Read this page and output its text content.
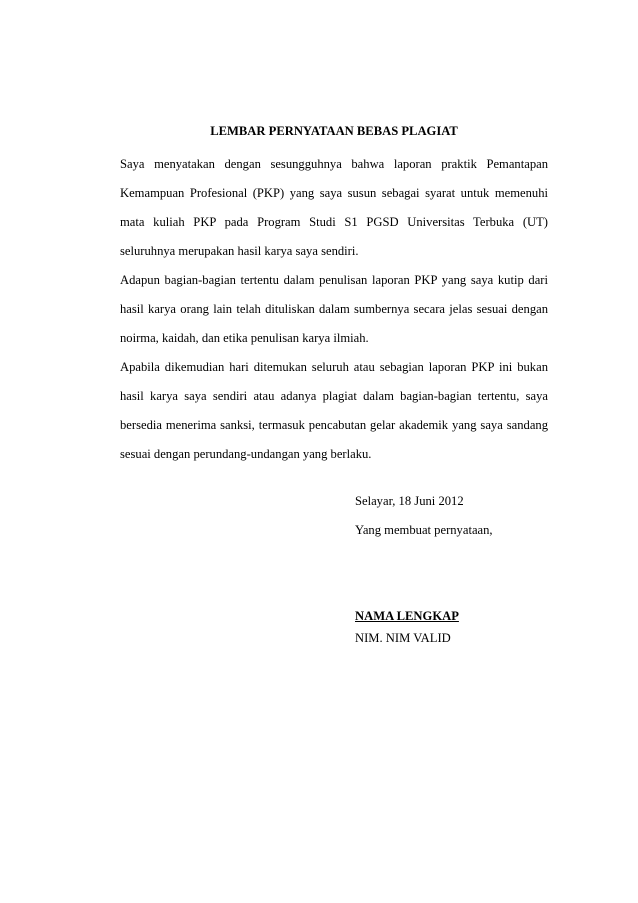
LEMBAR PERNYATAAN BEBAS PLAGIAT

Saya menyatakan dengan sesungguhnya bahwa laporan praktik Pemantapan Kemampuan Profesional (PKP) yang saya susun sebagai syarat untuk memenuhi mata kuliah PKP pada Program Studi S1 PGSD Universitas Terbuka (UT) seluruhnya merupakan hasil karya saya sendiri.

Adapun bagian-bagian tertentu dalam penulisan laporan PKP yang saya kutip dari hasil karya orang lain telah dituliskan dalam sumbernya secara jelas sesuai dengan noirma, kaidah, dan etika penulisan karya ilmiah.

Apabila dikemudian hari ditemukan seluruh atau sebagian laporan PKP ini bukan hasil karya saya sendiri atau adanya plagiat dalam bagian-bagian tertentu, saya bersedia menerima sanksi, termasuk pencabutan gelar akademik yang saya sandang sesuai dengan perundang-undangan yang berlaku.

Selayar, 18 Juni 2012
Yang membuat pernyataan,
NAMA LENGKAP
NIM. NIM VALID
